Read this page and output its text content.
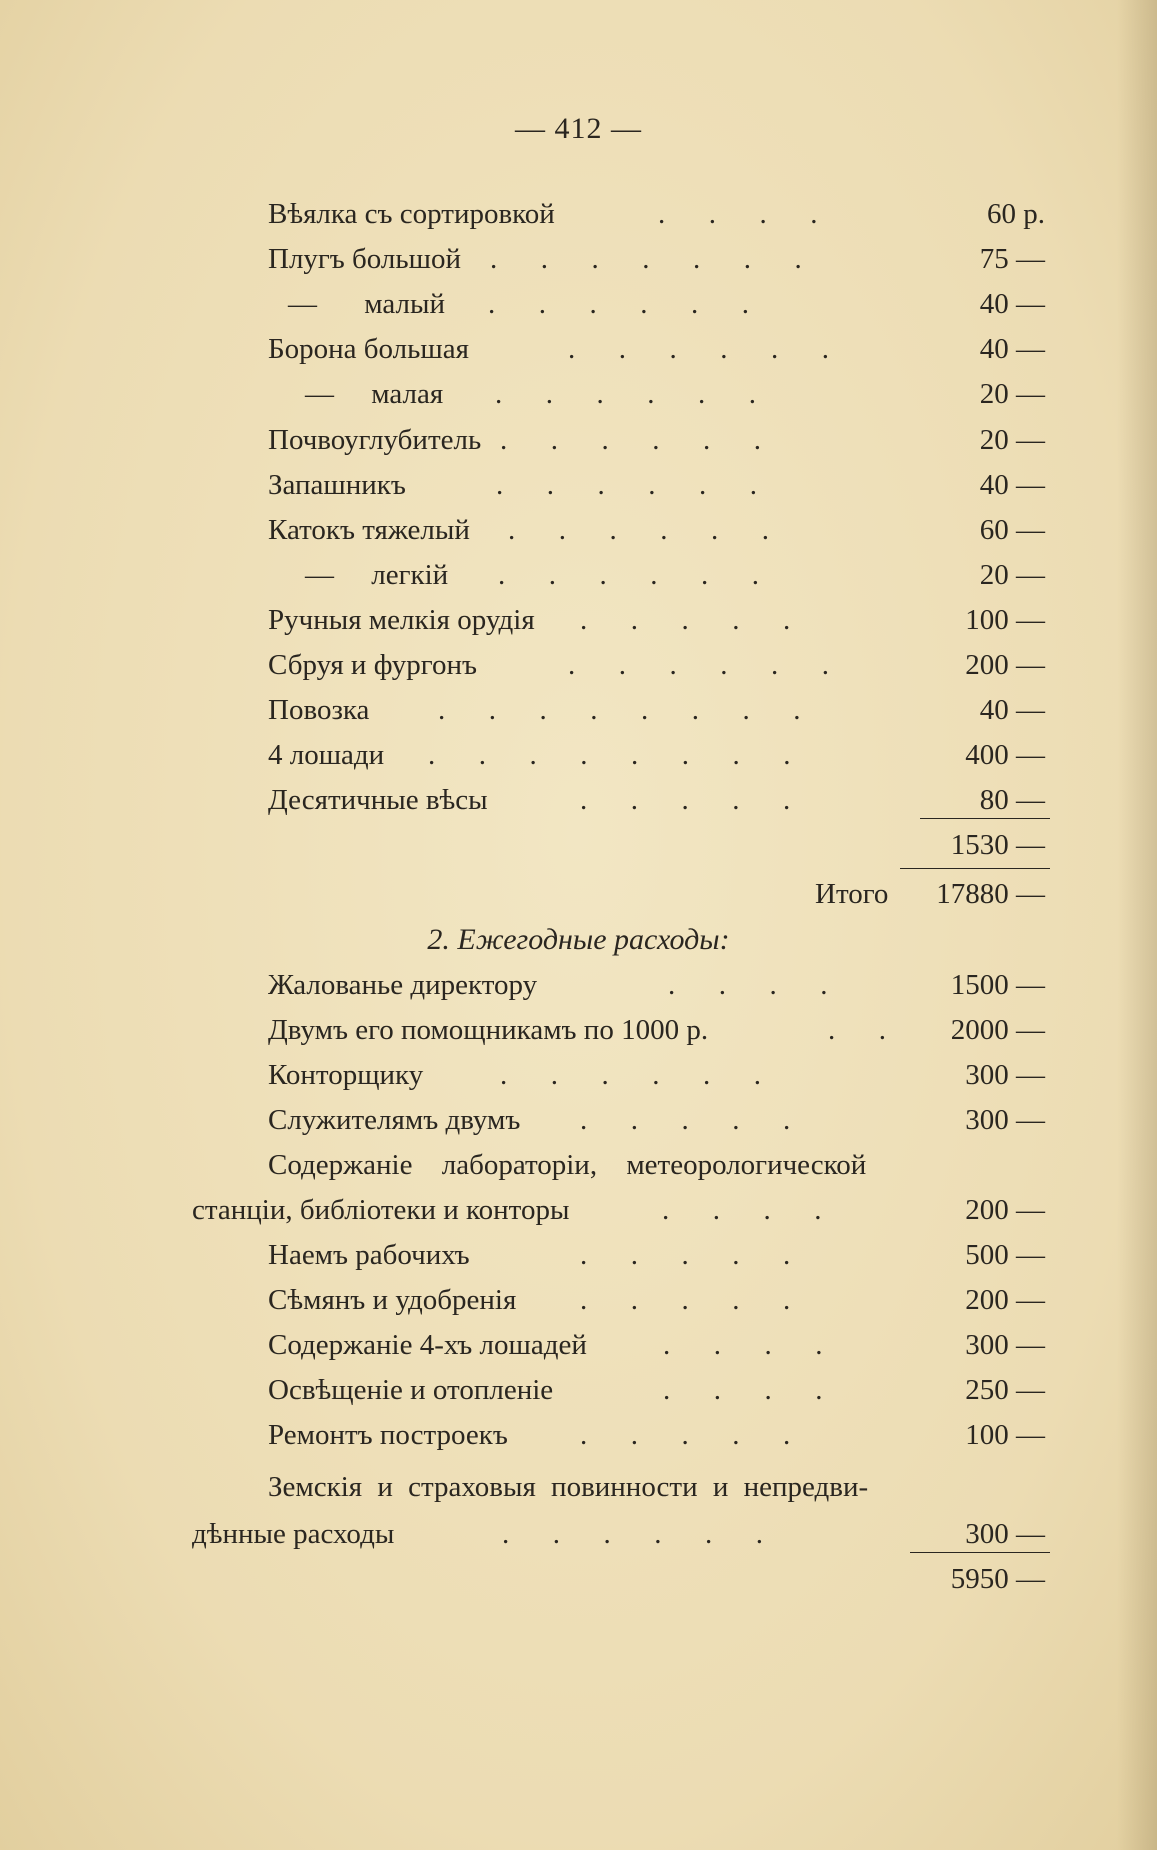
— 412 —
Вѣялка съ сортировкой	.      .      .      .	60 р.
Плугъ большой .      .      .      .      .      .      .	75 —
— малый .      .      .      .      .      .	40 —
Борона большая	.      .      .      .      .      .	40 —
— малая .      .      .      .      .      .	20 —
Почвоуглубитель .      .      .      .      .      .	20 —
Запашникъ	.      .      .      .      .      .	40 —
Катокъ тяжелый .      .      .      .      .      .	60 —
— легкій .      .      .      .      .      .	20 —
Ручныя мелкія орудія .      .      .      .      .	100 —
Сбруя и фургонъ	.      .      .      .      .      .	200 —
Повозка .      .      .      .      .      .      .      .	40 —
4 лошади .      .      .      .      .      .      .      .	400 —
Десятичные вѣсы	.      .      .      .      .	80 —
1530 —
Итого 17880 —
2. Ежегодные расходы:
Жалованье директору	.      .      .      .	1500 —
Двумъ его помощникамъ по 1000 р.	.      . 2000 —
Конторщику	.      .      .      .      .      .	300 —
Служителямъ двумъ .      .      .      .      .	300 —
Содержаніе лабораторіи, метеорологической
станціи, библіотеки и конторы	.      .      .      .	200 —
Наемъ рабочихъ	.      .      .      .      .	500 —
Сѣмянъ и удобренія .      .      .      .      .	200 —
Содержаніе 4-хъ лошадей	.      .      .      .	300 —
Освѣщеніе и отопленіе	.      .      .      .	250 —
Ремонтъ построекъ .      .      .      .      .	100 —
Земскія и страховыя повинности и непредви-
дѣнные расходы	.      .      .      .      .      .	300 —
5950 —
